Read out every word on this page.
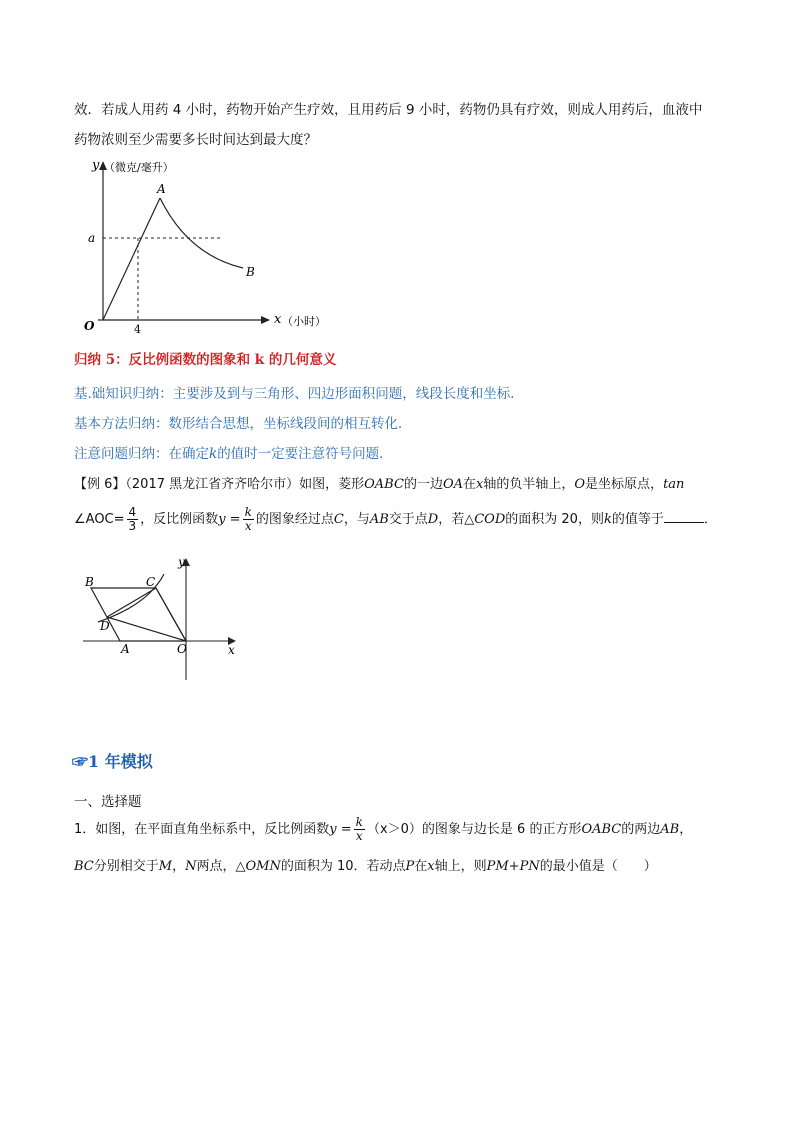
效．若成人用药 4 小时，药物开始产生疗效，且用药后 9 小时，药物仍具有疗效，则成人用药后，血液中
药物浓则至少需要多长时间达到最大度？
y （微克/毫升）
A
a
B
O	4
x （小时）
归纳 5：反比例函数的图象和 k 的几何意义
基.础知识归纳：主要涉及到与三角形、四边形面积问题，线段长度和坐标．
基本方法归纳：数形结合思想，坐标线段间的相互转化．
注意问题归纳：在确定k的值时一定要注意符号问题．
【例 6】（2017 黑龙江省齐齐哈尔市）如图，菱形OABC的一边OA在x轴的负半轴上，O是坐标原点，tan
∠AOC= $\frac{4}{3}$ ，反比例函数$y = \frac{k}{x}$ 的图象经过点C，与AB交于点D，若△COD的面积为 20，则k的值等于	．
y
B	C
D
A	O	x
☞1 年模拟
一、选择题
1．如图，在平面直角坐标系中，反比例函数$y = \frac{k}{x} (x>0)$的图象与边长是 6 的正方形OABC的两边AB，
BC分别相交于M，N两点，△OMN的面积为 10．若动点P在x轴上，则PM+PN的最小值是（　　）
